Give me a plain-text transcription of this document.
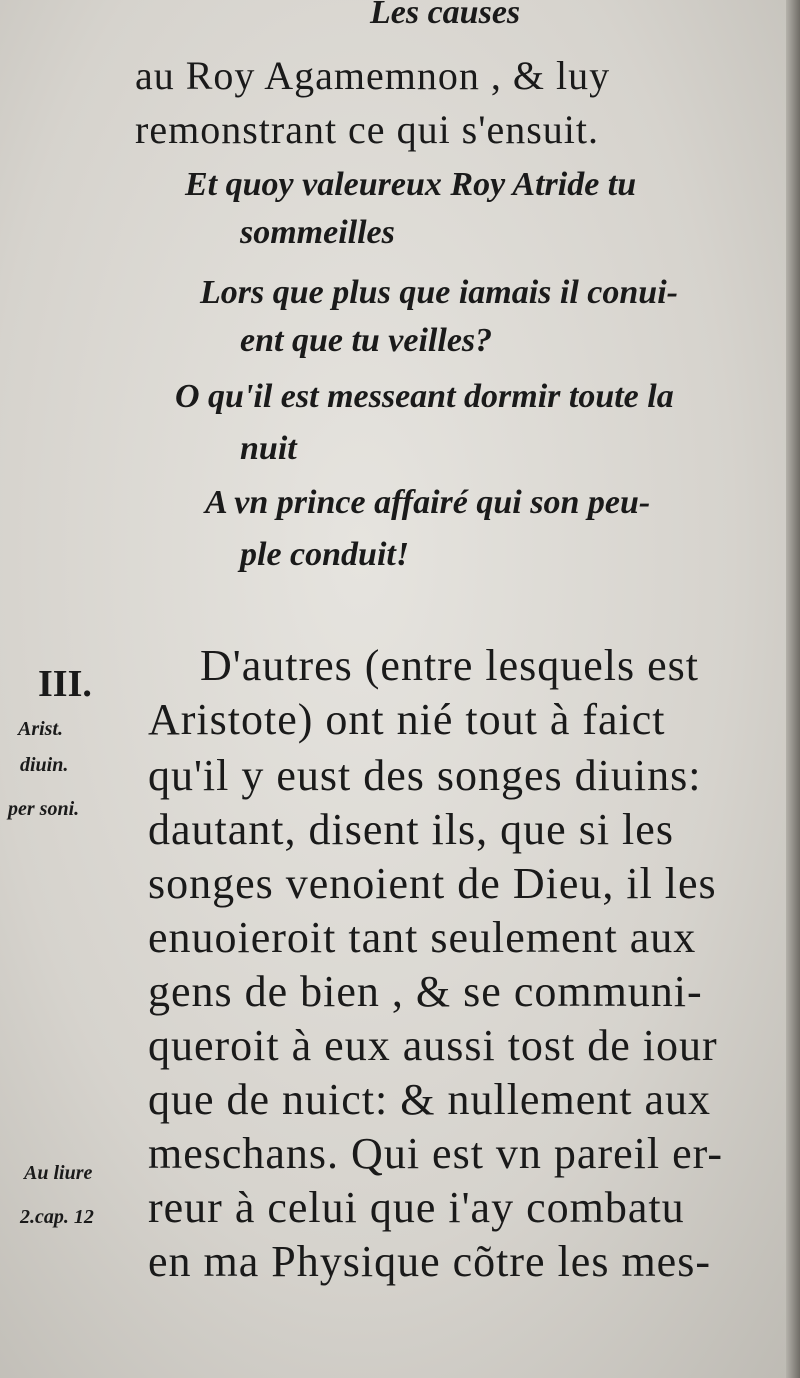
Les causes
au Roy Agamemnon , & luy
remonstrant ce qui s'ensuit.
Et quoy valeureux Roy Atride tu
sommeilles
Lors que plus que iamais il conui-
ent que tu veilles?
O qu'il est messeant dormir toute la
nuit
A vn prince affairé qui son peu-
ple conduit!
III.
Arist.
diuin.
per soni.
Au liure
2.cap. 12
D'autres (entre lesquels est
Aristote) ont nié tout à faict
qu'il y eust des songes diuins:
dautant, disent ils, que si les
songes venoient de Dieu, il les
enuoieroit tant seulement aux
gens de bien , & se communi-
queroit à eux aussi tost de iour
que de nuict: & nullement aux
meschans. Qui est vn pareil er-
reur à celui que i'ay combatu
en ma Physique cõtre les mes-
